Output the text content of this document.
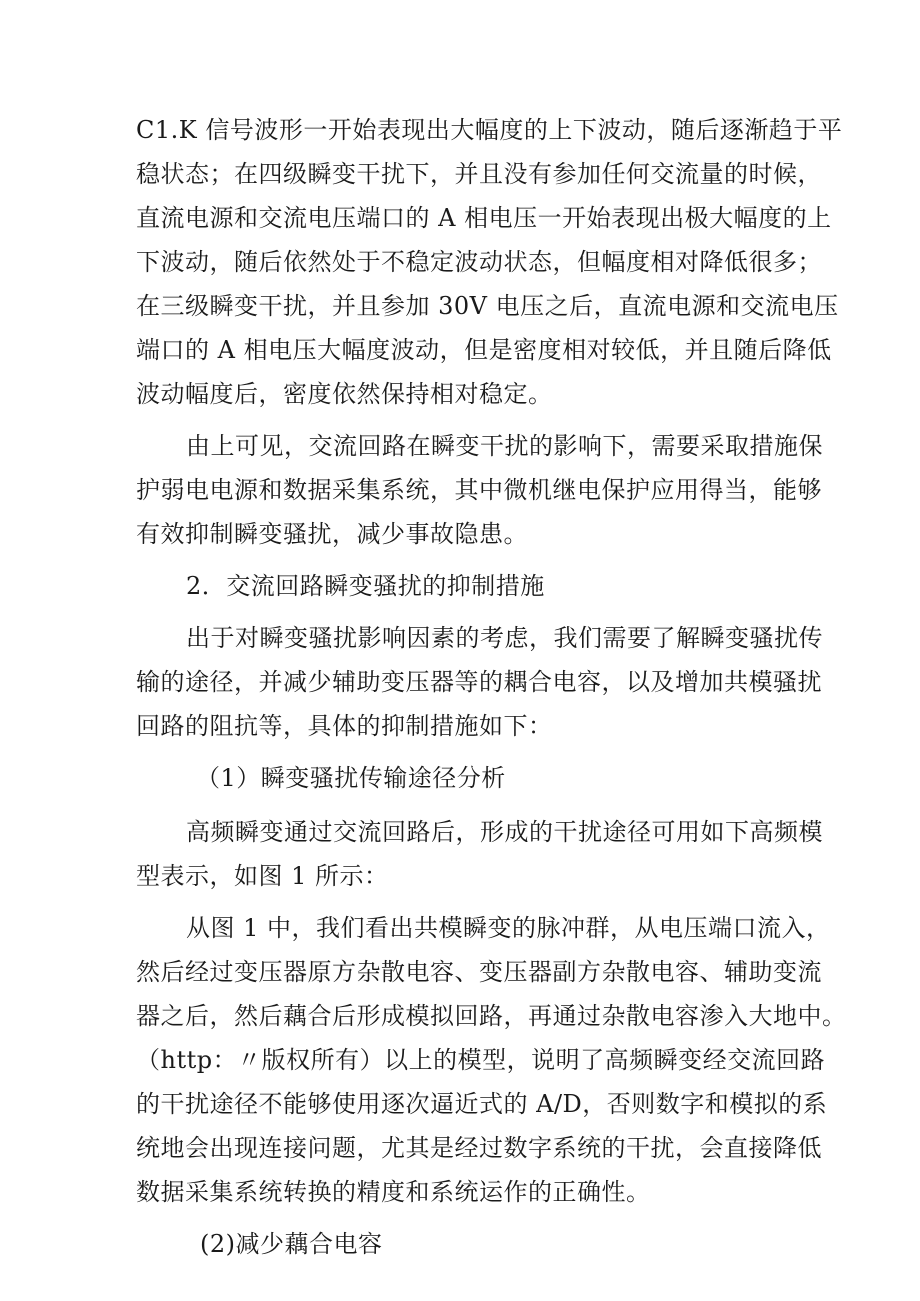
C1.K 信号波形一开始表现出大幅度的上下波动，随后逐渐趋于平
稳状态；在四级瞬变干扰下，并且没有参加任何交流量的时候，
直流电源和交流电压端口的 A 相电压一开始表现出极大幅度的上
下波动，随后依然处于不稳定波动状态，但幅度相对降低很多；
在三级瞬变干扰，并且参加 30V 电压之后，直流电源和交流电压
端口的 A 相电压大幅度波动，但是密度相对较低，并且随后降低
波动幅度后，密度依然保持相对稳定。
由上可见，交流回路在瞬变干扰的影响下，需要采取措施保
护弱电电源和数据采集系统，其中微机继电保护应用得当，能够
有效抑制瞬变骚扰，减少事故隐患。
2．交流回路瞬变骚扰的抑制措施
出于对瞬变骚扰影响因素的考虑，我们需要了解瞬变骚扰传
输的途径，并减少辅助变压器等的耦合电容，以及增加共模骚扰
回路的阻抗等，具体的抑制措施如下：
（1）瞬变骚扰传输途径分析
高频瞬变通过交流回路后，形成的干扰途径可用如下高频模
型表示，如图 1 所示：
从图 1 中，我们看出共模瞬变的脉冲群，从电压端口流入，
然后经过变压器原方杂散电容、变压器副方杂散电容、辅助变流
器之后，然后藕合后形成模拟回路，再通过杂散电容渗入大地中。
（http：〃版权所有）以上的模型，说明了高频瞬变经交流回路
的干扰途径不能够使用逐次逼近式的 A/D，否则数字和模拟的系
统地会出现连接问题，尤其是经过数字系统的干扰，会直接降低
数据采集系统转换的精度和系统运作的正确性。
(2)减少藕合电容
